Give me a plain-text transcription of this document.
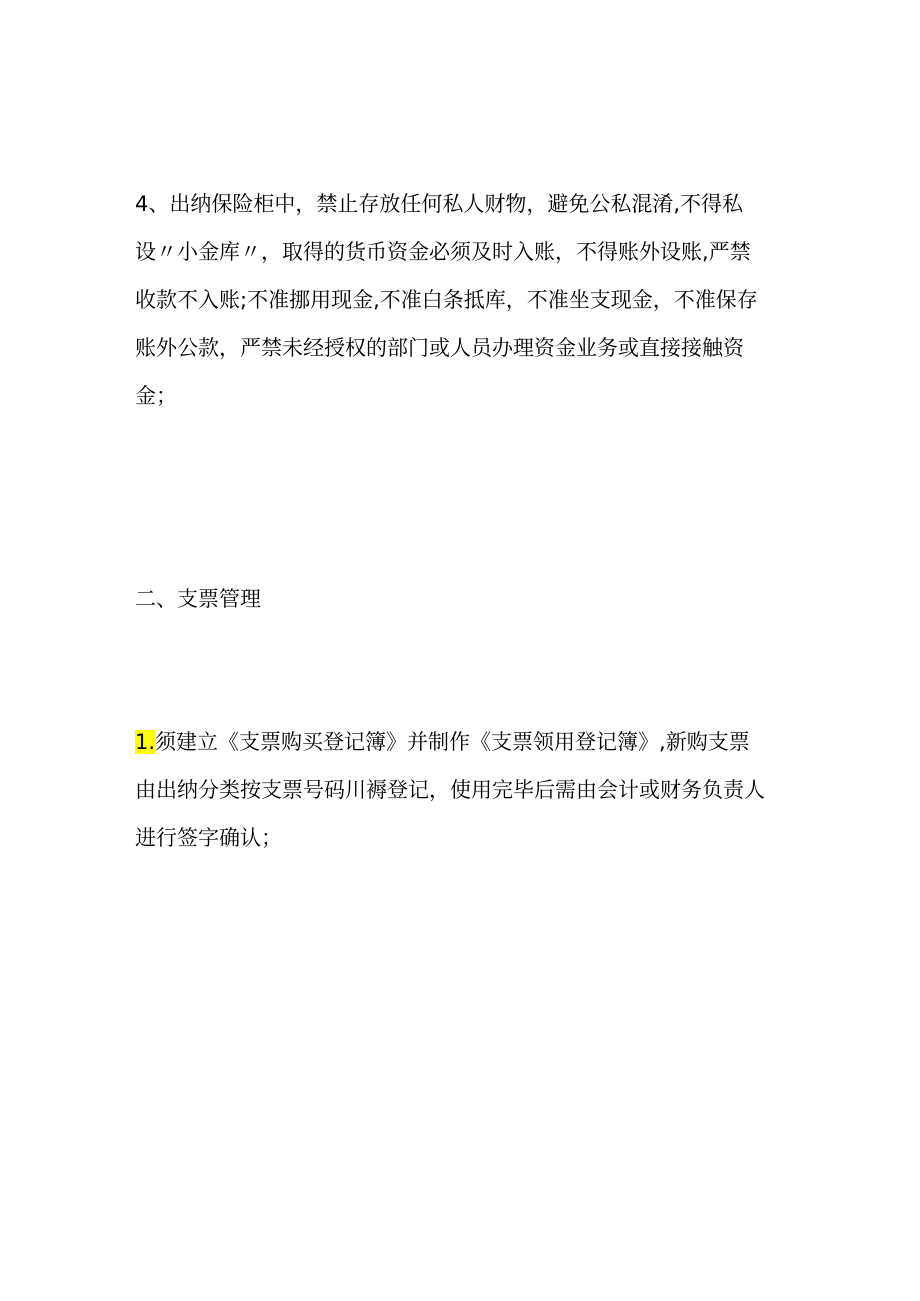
4、出纳保险柜中，禁止存放任何私人财物，避免公私混淆,不得私
设〃小金库〃，取得的货币资金必须及时入账，不得账外设账,严禁
收款不入账;不准挪用现金,不准白条抵库，不准坐支现金，不准保存
账外公款，严禁未经授权的部门或人员办理资金业务或直接接触资
金；

二、支票管理

1.须建立《支票购买登记簿》并制作《支票领用登记簿》,新购支票
由出纳分类按支票号码川褥登记，使用完毕后需由会计或财务负责人
进行签字确认；
